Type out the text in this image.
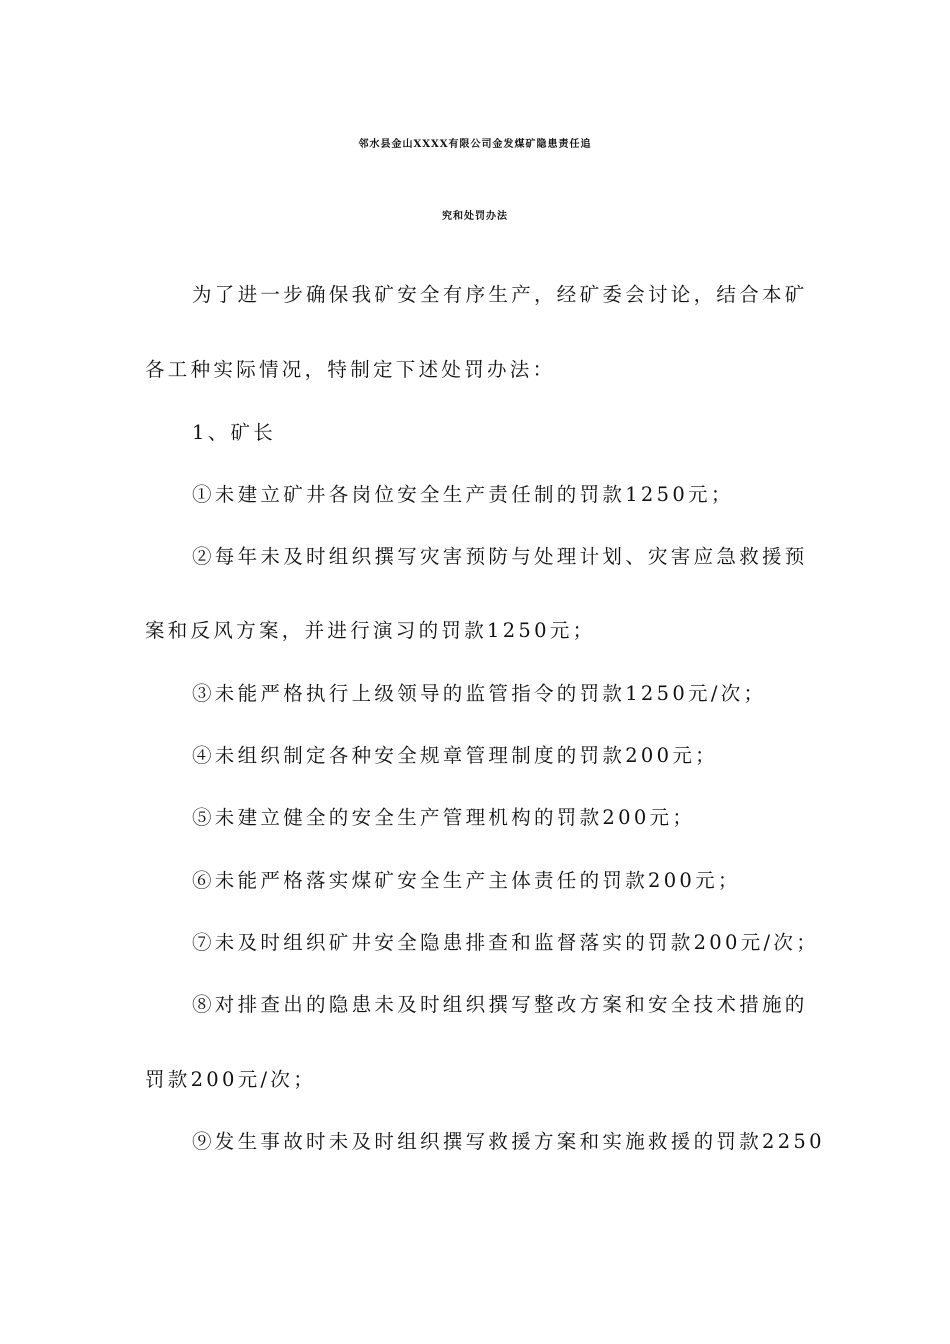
邻水县金山XXXX有限公司金发煤矿隐患责任追
究和处罚办法
为了进一步确保我矿安全有序生产，经矿委会讨论，结合本矿
各工种实际情况，特制定下述处罚办法：
1、矿长
①未建立矿井各岗位安全生产责任制的罚款1250元；
②每年未及时组织撰写灾害预防与处理计划、灾害应急救援预
案和反风方案，并进行演习的罚款1250元；
③未能严格执行上级领导的监管指令的罚款1250元/次；
④未组织制定各种安全规章管理制度的罚款200元；
⑤未建立健全的安全生产管理机构的罚款200元；
⑥未能严格落实煤矿安全生产主体责任的罚款200元；
⑦未及时组织矿井安全隐患排查和监督落实的罚款200元/次；
⑧对排查出的隐患未及时组织撰写整改方案和安全技术措施的
罚款200元/次；
⑨发生事故时未及时组织撰写救援方案和实施救援的罚款2250
